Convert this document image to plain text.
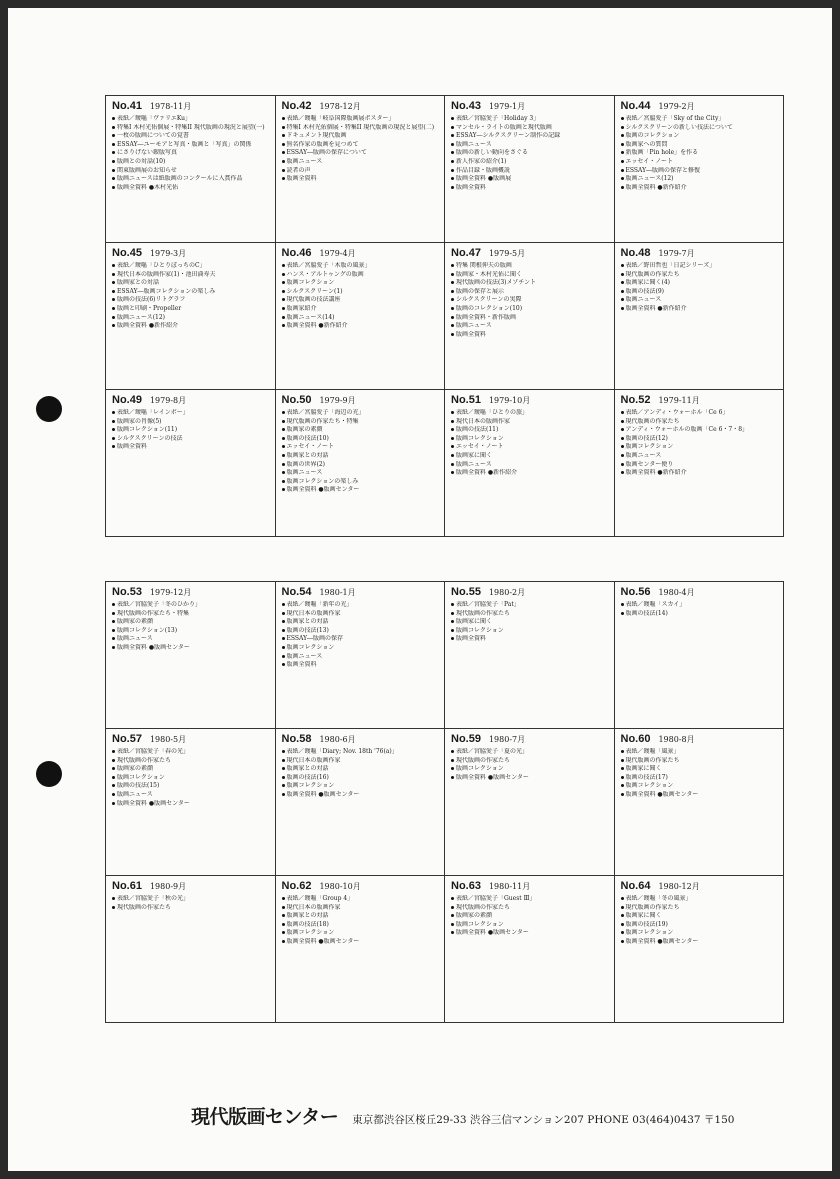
No.41 1978-11月
表紙／靉嘔「ヴァリエKu」
特集I 木村光佑個展・特集II 現代版画の現況と展望(一)
一枚の版画についての覚書
ESSAY―ユーモアと写真・版画と「写真」の関係
にさりげない銀版写真
版画との対話(10)
関東版画展のお知らせ
版画ニュースは紙版画のコンクールに入賞作品
版画全資料 ●木村光佑
No.42 1978-12月
表紙／靉嘔「岐阜国際版画展ポスター」
特集I 木村光佑個展・特集II 現代版画の現況と展望(二)
ドキュメント現代版画
無名作家の版画を見つめて
ESSAY―版画の保存について
版画ニュース
読者の声
版画全資料
No.43 1979-1月
表紙／宮脇愛子「Holiday 3」
マンセル・ライトの版画と現代版画
ESSAY―シルクスクリーン制作の記録
版画ニュース
版画の新しい動向をさぐる
新人作家の紹介(1)
作品目録・版画概説
版画全資料 ●版画展
版画全資料
No.44 1979-2月
表紙／宮脇愛子「Sky of the City」
シルクスクリーンの新しい技法について
版画のコレクション
版画家への質問
新版画「Pin hole」を作る
エッセイ・ノート
ESSAY―版画の保存と修復
版画ニュース(12)
版画全資料 ●新作紹介
No.45 1979-3月
表紙／靉嘔「ひとりぼっちのC」
現代日本の版画作家(1)・池田満寿夫
版画家との対話
ESSAY―版画コレクションの楽しみ
版画の技法(6)リトグラフ
版画と印刷・Propeller
版画ニュース(12)
版画全資料 ●新作紹介
No.46 1979-4月
表紙／宮脇愛子「木版の風景」
ハンス・アルトゥングの版画
版画コレクション
シルクスクリーン(1)
現代版画の技法講座
版画家紹介
版画ニュース(14)
版画全資料 ●新作紹介
No.47 1979-5月
特集 関根伸夫の版画
版画家・木村光佑に聞く
現代版画の技法(3)メゾチント
版画の保存と展示
シルクスクリーンの実際
版画のコレクション(10)
版画全資料・新作版画
版画ニュース
版画全資料
No.48 1979-7月
表紙／野田哲也「日記シリーズ」
現代版画の作家たち
版画家に聞く(4)
版画の技法(9)
版画ニュース
版画全資料 ●新作紹介
No.49 1979-8月
表紙／靉嘔「レインボー」
版画家の肖像(5)
版画コレクション(11)
シルクスクリーンの技法
版画全資料
No.50 1979-9月
表紙／宮脇愛子「海辺の光」
現代版画の作家たち・特集
版画家の素顔
版画の技法(10)
エッセイ・ノート
版画家との対話
版画の世界(2)
版画ニュース
版画コレクションの楽しみ
版画全資料 ●版画センター
No.51 1979-10月
表紙／靉嘔「ひとりの旅」
現代日本の版画作家
版画の技法(11)
版画コレクション
エッセイ・ノート
版画家に聞く
版画ニュース
版画全資料 ●新作紹介
No.52 1979-11月
表紙／アンディ・ウォーホル「Ce 6」
現代版画の作家たち
アンディ・ウォーホルの版画「Ce 6・7・8」
版画の技法(12)
版画コレクション
版画ニュース
版画センター便り
版画全資料 ●新作紹介
No.53 1979-12月
表紙／宮脇愛子「冬のひかり」
現代版画の作家たち・特集
版画家の素顔
版画コレクション(13)
版画ニュース
版画全資料 ●版画センター
No.54 1980-1月
表紙／靉嘔「新年の光」
現代日本の版画作家
版画家との対話
版画の技法(13)
ESSAY―版画の保存
版画コレクション
版画ニュース
版画全資料
No.55 1980-2月
表紙／宮脇愛子「Pat」
現代版画の作家たち
版画家に聞く
版画コレクション
版画全資料
No.56 1980-4月
表紙／靉嘔「スカイ」
版画の技法(14)
No.57 1980-5月
表紙／宮脇愛子「春の光」
現代版画の作家たち
版画家の素顔
版画コレクション
版画の技法(15)
版画ニュース
版画全資料 ●版画センター
No.58 1980-6月
表紙／靉嘔「Diary; Nov. 18th '76(a)」
現代日本の版画作家
版画家との対話
版画の技法(16)
版画コレクション
版画全資料 ●版画センター
No.59 1980-7月
表紙／宮脇愛子「夏の光」
現代版画の作家たち
版画コレクション
版画全資料 ●版画センター
No.60 1980-8月
表紙／靉嘔「風景」
現代版画の作家たち
版画家に聞く
版画の技法(17)
版画コレクション
版画全資料 ●版画センター
No.61 1980-9月
表紙／宮脇愛子「秋の光」
現代版画の作家たち
No.62 1980-10月
表紙／靉嘔「Group 4」
現代日本の版画作家
版画家との対話
版画の技法(18)
版画コレクション
版画全資料 ●版画センター
No.63 1980-11月
表紙／宮脇愛子「Guest Ⅲ」
現代版画の作家たち
版画家の素顔
版画コレクション
版画全資料 ●版画センター
No.64 1980-12月
表紙／靉嘔「冬の風景」
現代版画の作家たち
版画家に聞く
版画の技法(19)
版画コレクション
版画全資料 ●版画センター
現代版画センター 東京都渋谷区桜丘29-33 渋谷三信マンション207 PHONE 03(464)0437 〒150
